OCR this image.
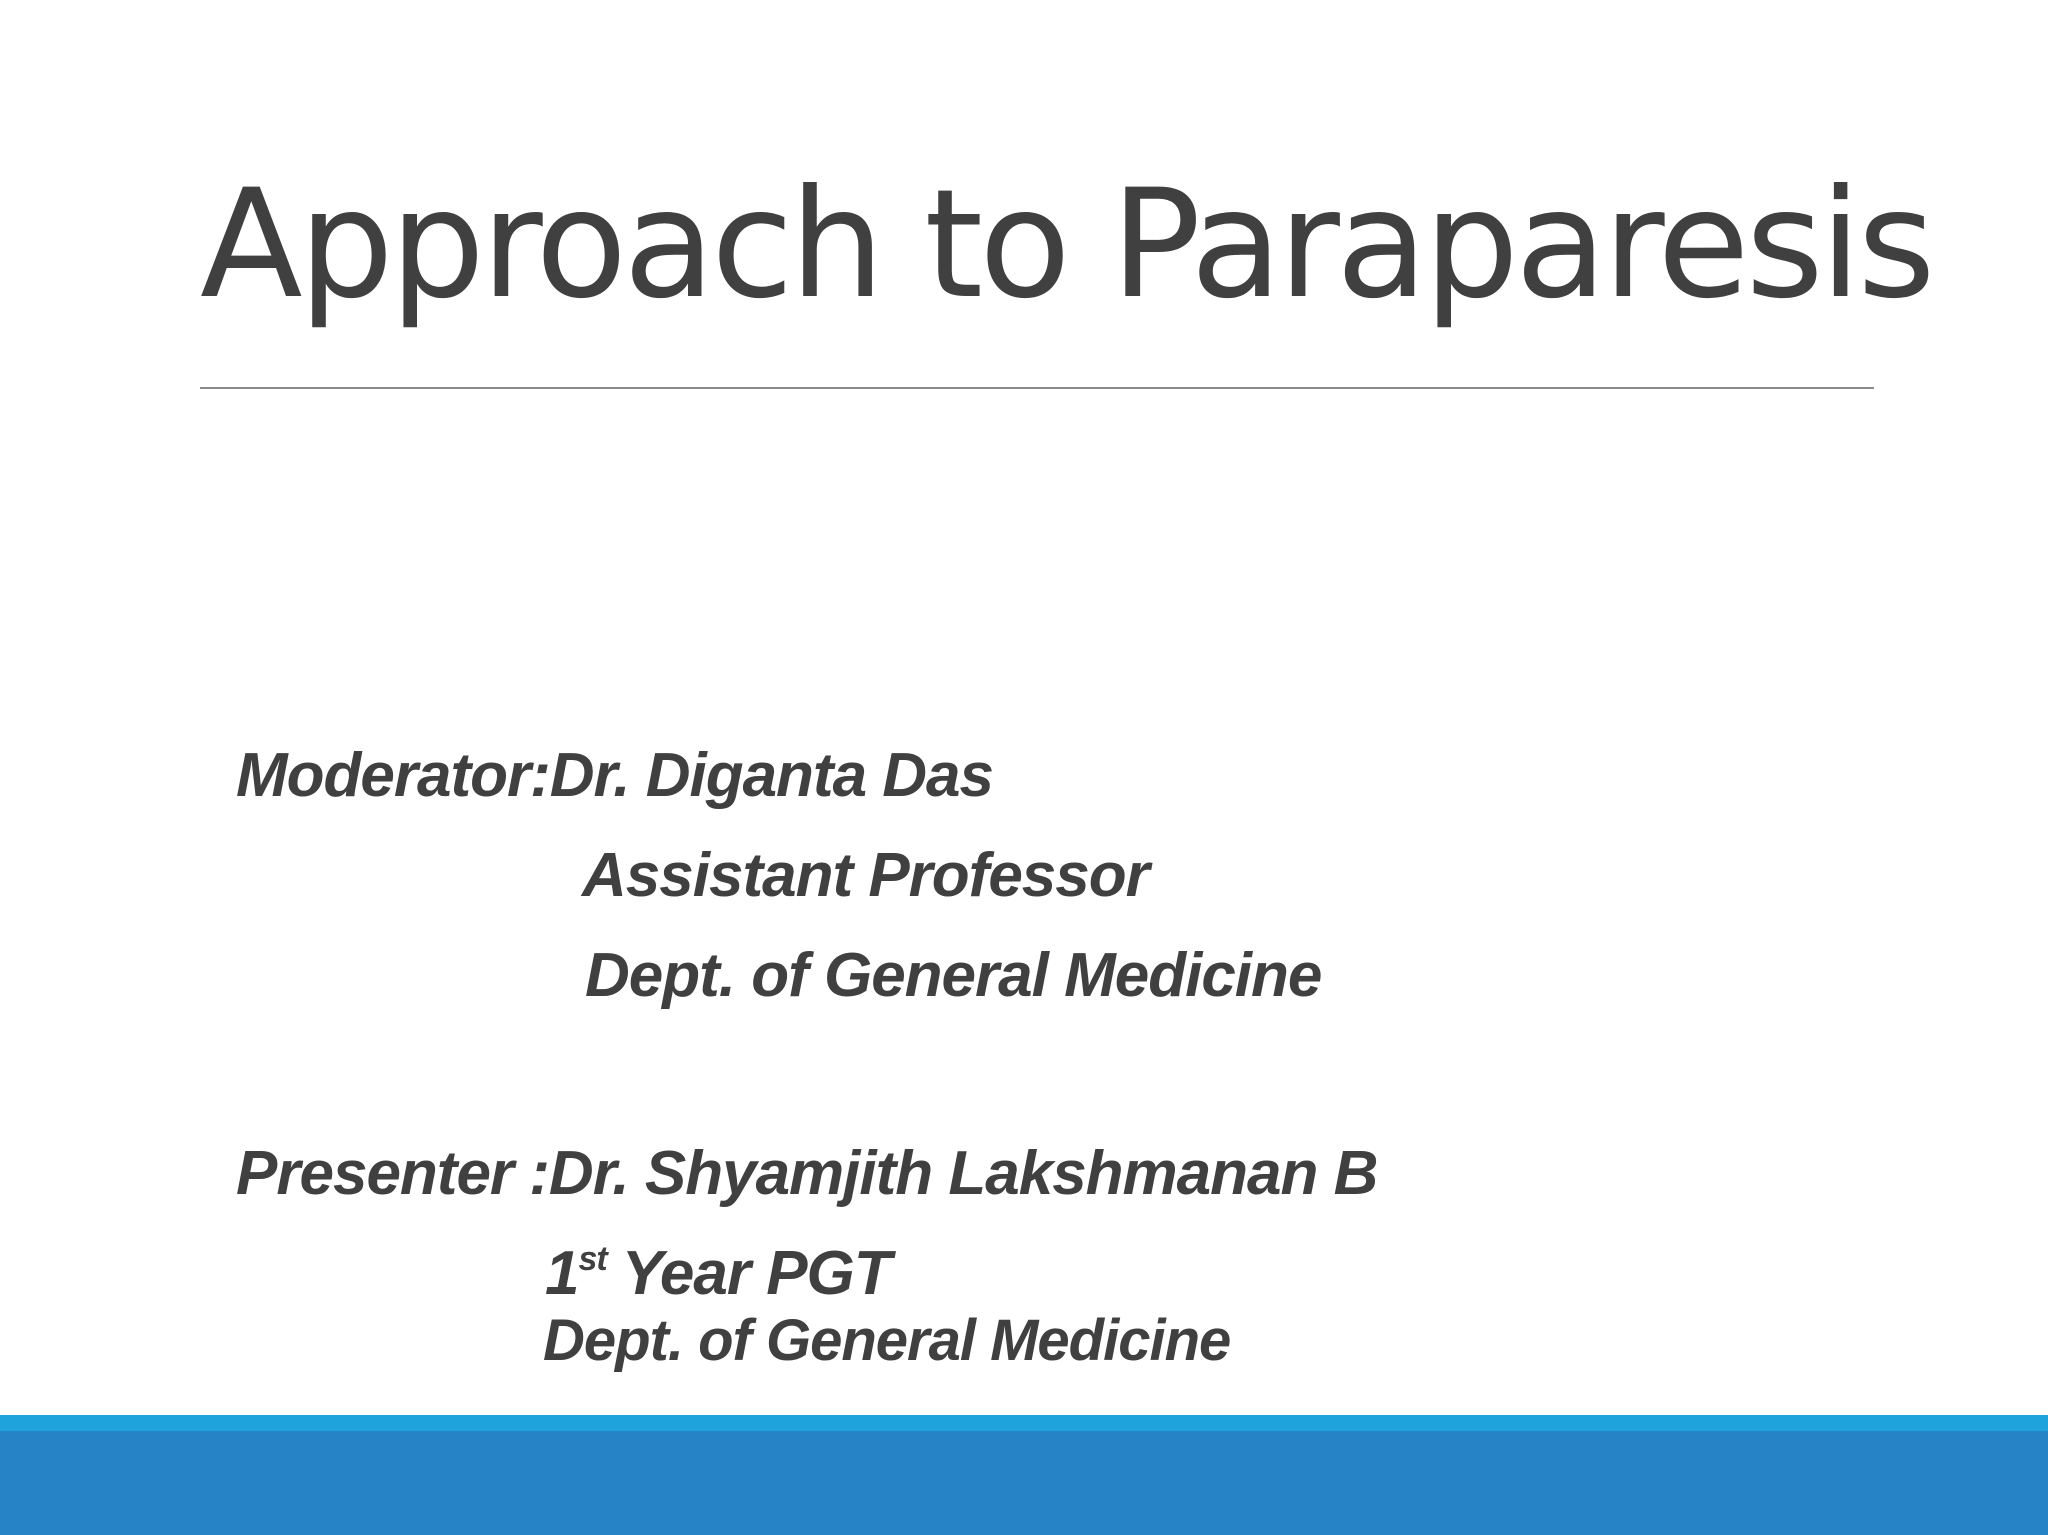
Approach to Paraparesis
Moderator:Dr. Diganta Das
Assistant Professor
Dept. of General Medicine
Presenter :Dr. Shyamjith Lakshmanan B
1st Year PGT
Dept. of General Medicine
